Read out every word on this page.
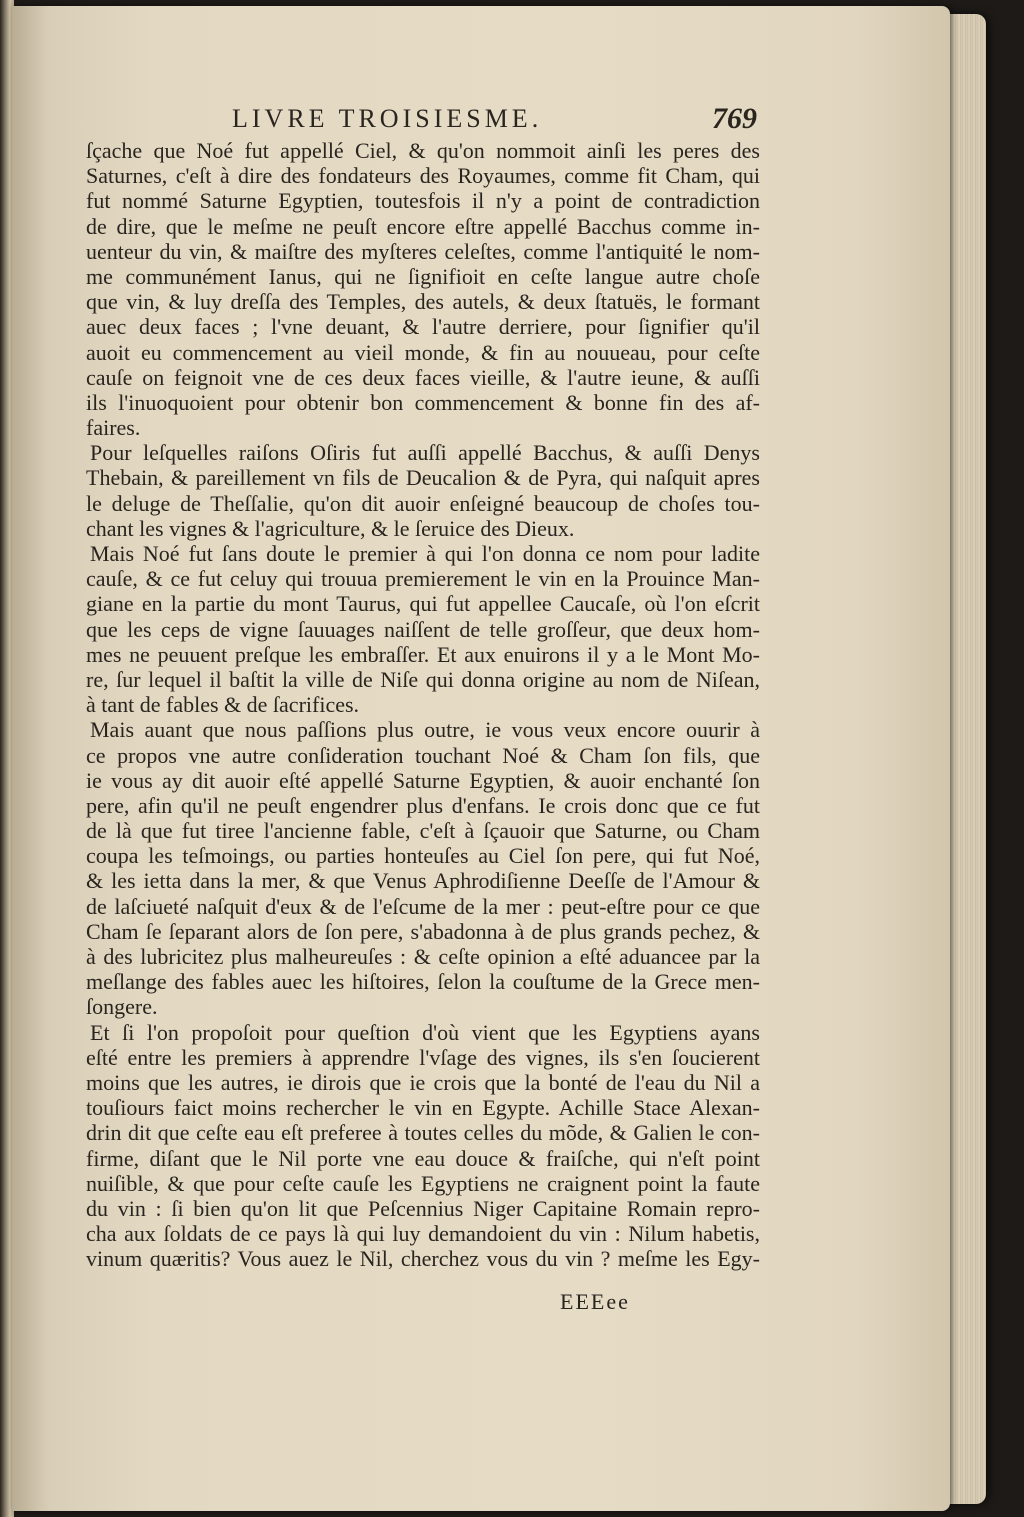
LIVRE TROISIESME.	769
ſçache que Noé fut appellé Ciel, & qu'on nommoit ainſi les peres des
Saturnes, c'eſt à dire des fondateurs des Royaumes, comme fit Cham, qui
fut nommé Saturne Egyptien, toutesfois il n'y a point de contradiction
de dire, que le meſme ne peuſt encore eſtre appellé Bacchus comme in-
uenteur du vin, & maiſtre des myſteres celeſtes, comme l'antiquité le nom-
me communément Ianus, qui ne ſignifioit en ceſte langue autre choſe
que vin, & luy dreſſa des Temples, des autels, & deux ſtatuës, le formant
auec deux faces ; l'vne deuant, & l'autre derriere, pour ſignifier qu'il
auoit eu commencement au vieil monde, & fin au nouueau, pour ceſte
cauſe on feignoit vne de ces deux faces vieille, & l'autre ieune, & auſſi
ils l'inuoquoient pour obtenir bon commencement & bonne fin des af-
faires.
Pour leſquelles raiſons Oſiris fut auſſi appellé Bacchus, & auſſi Denys
Thebain, & pareillement vn fils de Deucalion & de Pyra, qui naſquit apres
le deluge de Theſſalie, qu'on dit auoir enſeigné beaucoup de choſes tou-
chant les vignes & l'agriculture, & le ſeruice des Dieux.
Mais Noé fut ſans doute le premier à qui l'on donna ce nom pour ladite
cauſe, & ce fut celuy qui trouua premierement le vin en la Prouince Man-
giane en la partie du mont Taurus, qui fut appellee Caucaſe, où l'on eſcrit
que les ceps de vigne ſauuages naiſſent de telle groſſeur, que deux hom-
mes ne peuuent preſque les embraſſer. Et aux enuirons il y a le Mont Mo-
re, ſur lequel il baſtit la ville de Niſe qui donna origine au nom de Niſean,
à tant de fables & de ſacrifices.
Mais auant que nous paſſions plus outre, ie vous veux encore ouurir à
ce propos vne autre conſideration touchant Noé & Cham ſon fils, que
ie vous ay dit auoir eſté appellé Saturne Egyptien, & auoir enchanté ſon
pere, afin qu'il ne peuſt engendrer plus d'enfans. Ie crois donc que ce fut
de là que fut tiree l'ancienne fable, c'eſt à ſçauoir que Saturne, ou Cham
coupa les teſmoings, ou parties honteuſes au Ciel ſon pere, qui fut Noé,
& les ietta dans la mer, & que Venus Aphrodiſienne Deeſſe de l'Amour &
de laſciueté naſquit d'eux & de l'eſcume de la mer : peut-eſtre pour ce que
Cham ſe ſeparant alors de ſon pere, s'abadonna à de plus grands pechez, &
à des lubricitez plus malheureuſes : & ceſte opinion a eſté aduancee par la
meſlange des fables auec les hiſtoires, ſelon la couſtume de la Grece men-
ſongere.
Et ſi l'on propoſoit pour queſtion d'où vient que les Egyptiens ayans
eſté entre les premiers à apprendre l'vſage des vignes, ils s'en ſoucierent
moins que les autres, ie dirois que ie crois que la bonté de l'eau du Nil a
touſiours faict moins rechercher le vin en Egypte. Achille Stace Alexan-
drin dit que ceſte eau eſt preferee à toutes celles du mõde, & Galien le con-
firme, diſant que le Nil porte vne eau douce & fraiſche, qui n'eſt point
nuiſible, & que pour ceſte cauſe les Egyptiens ne craignent point la faute
du vin : ſi bien qu'on lit que Peſcennius Niger Capitaine Romain repro-
cha aux ſoldats de ce pays là qui luy demandoient du vin : Nilum habetis,
vinum quæritis? Vous auez le Nil, cherchez vous du vin ? meſme les Egy-
EEEee
